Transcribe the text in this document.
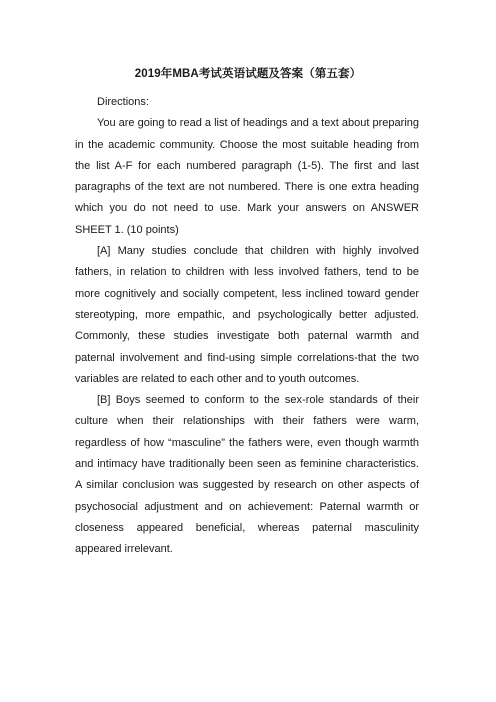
2019年MBA考试英语试题及答案（第五套）

Directions:

You are going to read a list of headings and a text about preparing in the academic community. Choose the most suitable heading from the list A-F for each numbered paragraph (1-5). The first and last paragraphs of the text are not numbered. There is one extra heading which you do not need to use. Mark your answers on ANSWER SHEET 1. (10 points)

[A] Many studies conclude that children with highly involved fathers, in relation to children with less involved fathers, tend to be more cognitively and socially competent, less inclined toward gender stereotyping, more empathic, and psychologically better adjusted. Commonly, these studies investigate both paternal warmth and paternal involvement and find-using simple correlations-that the two variables are related to each other and to youth outcomes.

[B] Boys seemed to conform to the sex-role standards of their culture when their relationships with their fathers were warm, regardless of how “masculine” the fathers were, even though warmth and intimacy have traditionally been seen as feminine characteristics. A similar conclusion was suggested by research on other aspects of psychosocial adjustment and on achievement: Paternal warmth or closeness appeared beneficial, whereas paternal masculinity appeared irrelevant.
